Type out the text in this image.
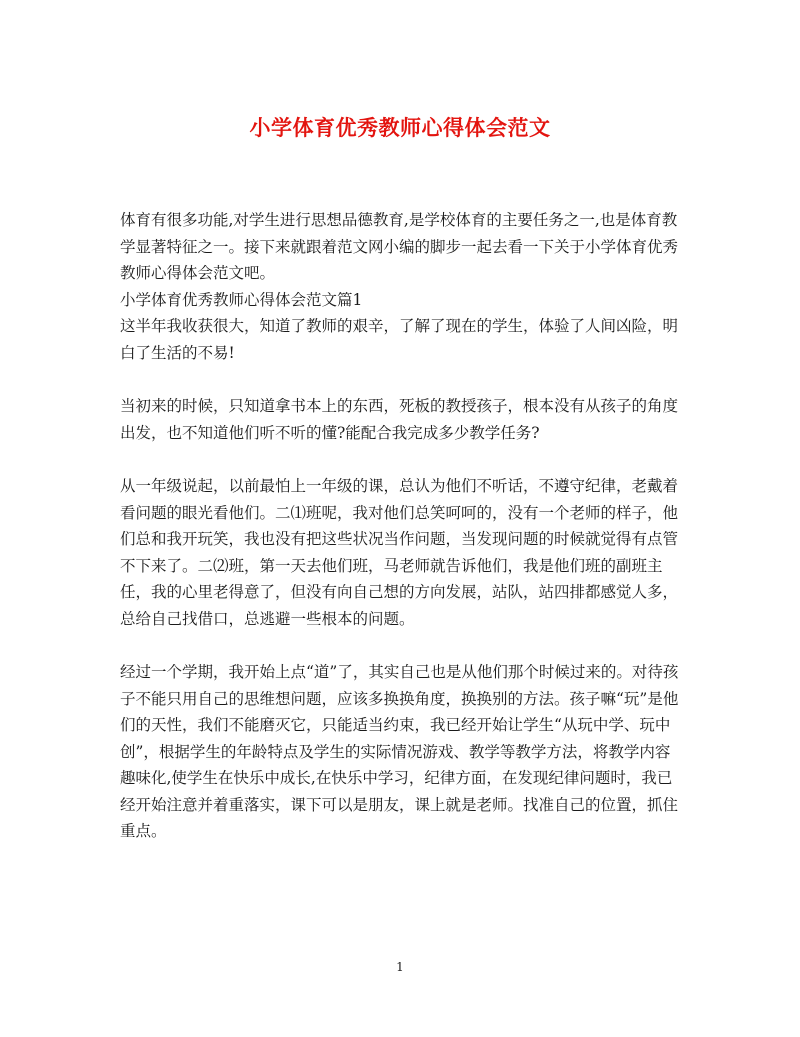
小学体育优秀教师心得体会范文

体育有很多功能,对学生进行思想品德教育,是学校体育的主要任务之一,也是体育教学显著特征之一。接下来就跟着范文网小编的脚步一起去看一下关于小学体育优秀教师心得体会范文吧。

小学体育优秀教师心得体会范文篇1

这半年我收获很大，知道了教师的艰辛，了解了现在的学生，体验了人间凶险，明白了生活的不易!

当初来的时候，只知道拿书本上的东西，死板的教授孩子，根本没有从孩子的角度出发，也不知道他们听不听的懂?能配合我完成多少教学任务?

从一年级说起，以前最怕上一年级的课，总认为他们不听话，不遵守纪律，老戴着看问题的眼光看他们。二⑴班呢，我对他们总笑呵呵的，没有一个老师的样子，他们总和我开玩笑，我也没有把这些状况当作问题，当发现问题的时候就觉得有点管不下来了。二⑵班，第一天去他们班，马老师就告诉他们，我是他们班的副班主任，我的心里老得意了，但没有向自己想的方向发展，站队，站四排都感觉人多，总给自己找借口，总逃避一些根本的问题。

经过一个学期，我开始上点“道”了，其实自己也是从他们那个时候过来的。对待孩子不能只用自己的思维想问题，应该多换换角度，换换别的方法。孩子嘛“玩”是他们的天性，我们不能磨灭它，只能适当约束，我已经开始让学生“从玩中学、玩中创”，根据学生的年龄特点及学生的实际情况游戏、教学等教学方法，将教学内容趣味化,使学生在快乐中成长,在快乐中学习，纪律方面，在发现纪律问题时，我已经开始注意并着重落实，课下可以是朋友，课上就是老师。找准自己的位置，抓住重点。

1
